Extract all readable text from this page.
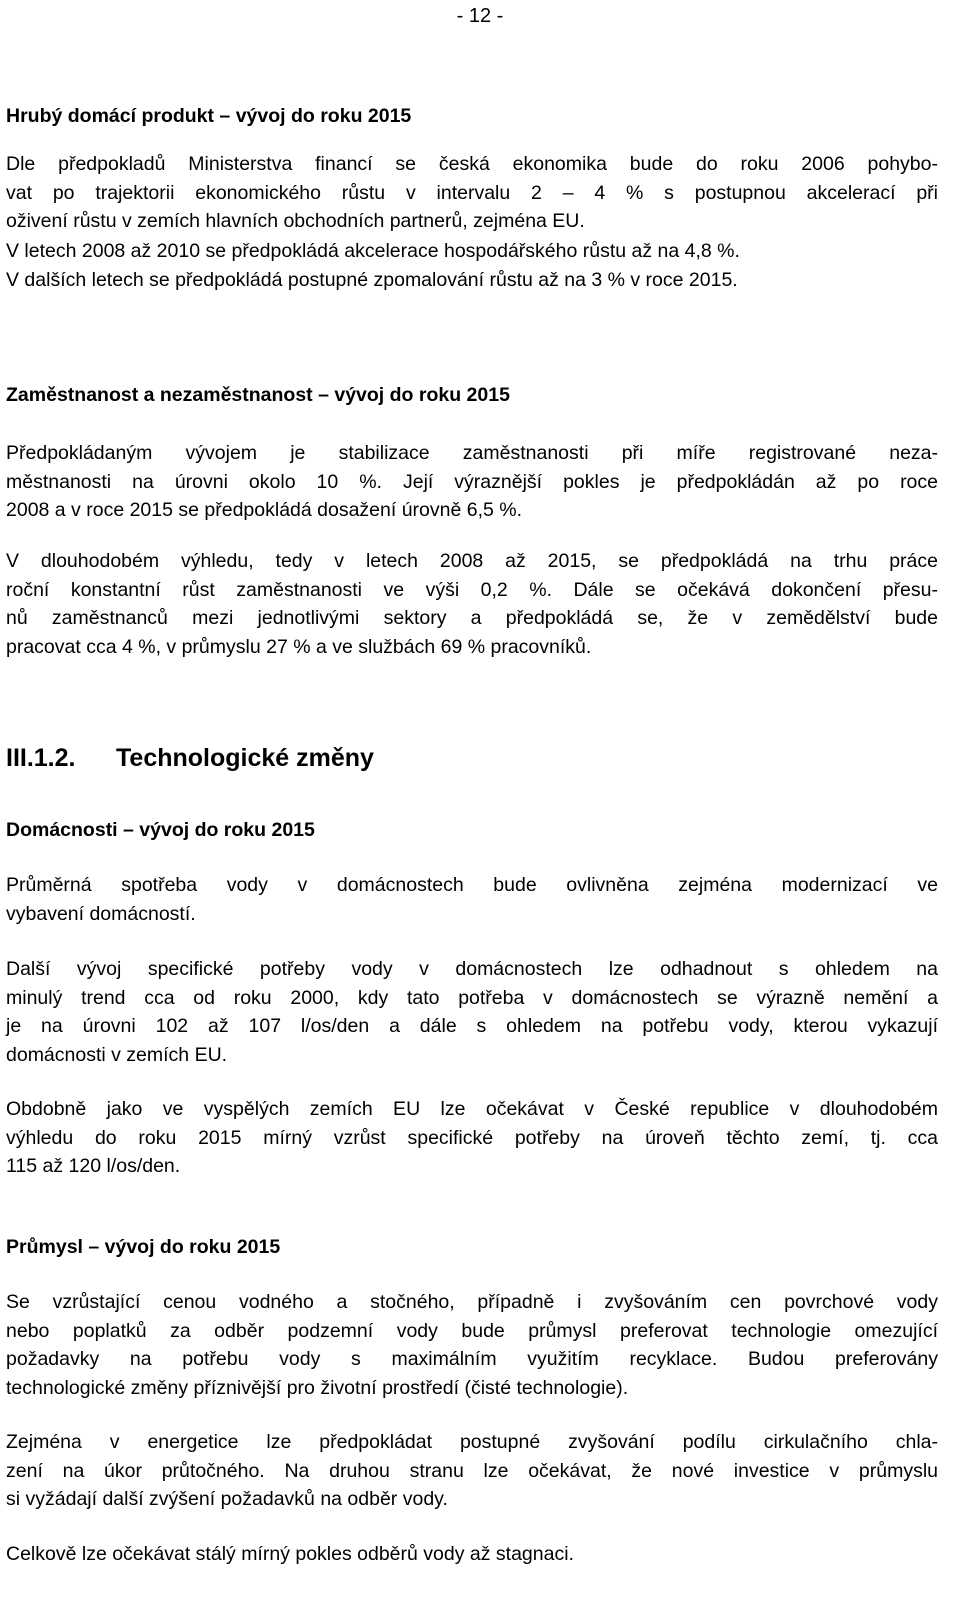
- 12 -
Hrubý domácí produkt – vývoj do roku 2015
Dle předpokladů Ministerstva financí se česká ekonomika bude do roku 2006 pohybo-
vat po trajektorii ekonomického růstu v intervalu 2 – 4 % s postupnou akcelerací při
oživení růstu v zemích hlavních obchodních partnerů, zejména EU.
V letech 2008 až 2010 se předpokládá akcelerace hospodářského růstu až na 4,8 %.
V dalších letech se předpokládá postupné zpomalování růstu až na 3 % v roce 2015.
Zaměstnanost a nezaměstnanost – vývoj do roku 2015
Předpokládaným vývojem je stabilizace zaměstnanosti při míře registrované neza-
městnanosti na úrovni okolo 10 %. Její výraznější pokles je předpokládán až po roce
2008 a v roce 2015 se předpokládá dosažení úrovně 6,5 %.
V dlouhodobém výhledu, tedy v letech 2008 až 2015, se předpokládá na trhu práce
roční konstantní růst zaměstnanosti ve výši 0,2 %. Dále se očekává dokončení přesu-
nů zaměstnanců mezi jednotlivými sektory a předpokládá se, že v zemědělství bude
pracovat cca 4 %, v průmyslu 27 % a ve službách 69 % pracovníků.
III.1.2. Technologické změny
Domácnosti – vývoj do roku 2015
Průměrná spotřeba vody v domácnostech bude ovlivněna zejména modernizací ve
vybavení domácností.
Další vývoj specifické potřeby vody v domácnostech lze odhadnout s ohledem na
minulý trend cca od roku 2000, kdy tato potřeba v domácnostech se výrazně nemění a
je na úrovni 102 až 107 l/os/den a dále s ohledem na potřebu vody, kterou vykazují
domácnosti v zemích EU.
Obdobně jako ve vyspělých zemích EU lze očekávat v České republice v dlouhodobém
výhledu do roku 2015 mírný vzrůst specifické potřeby na úroveň těchto zemí, tj. cca
115 až 120 l/os/den.
Průmysl – vývoj do roku 2015
Se vzrůstající cenou vodného a stočného, případně i zvyšováním cen povrchové vody
nebo poplatků za odběr podzemní vody bude průmysl preferovat technologie omezující
požadavky na potřebu vody s maximálním využitím recyklace. Budou preferovány
technologické změny příznivější pro životní prostředí (čisté technologie).
Zejména v energetice lze předpokládat postupné zvyšování podílu cirkulačního chla-
zení na úkor průtočného. Na druhou stranu lze očekávat, že nové investice v průmyslu
si vyžádají další zvýšení požadavků na odběr vody.
Celkově lze očekávat stálý mírný pokles odběrů vody až stagnaci.
